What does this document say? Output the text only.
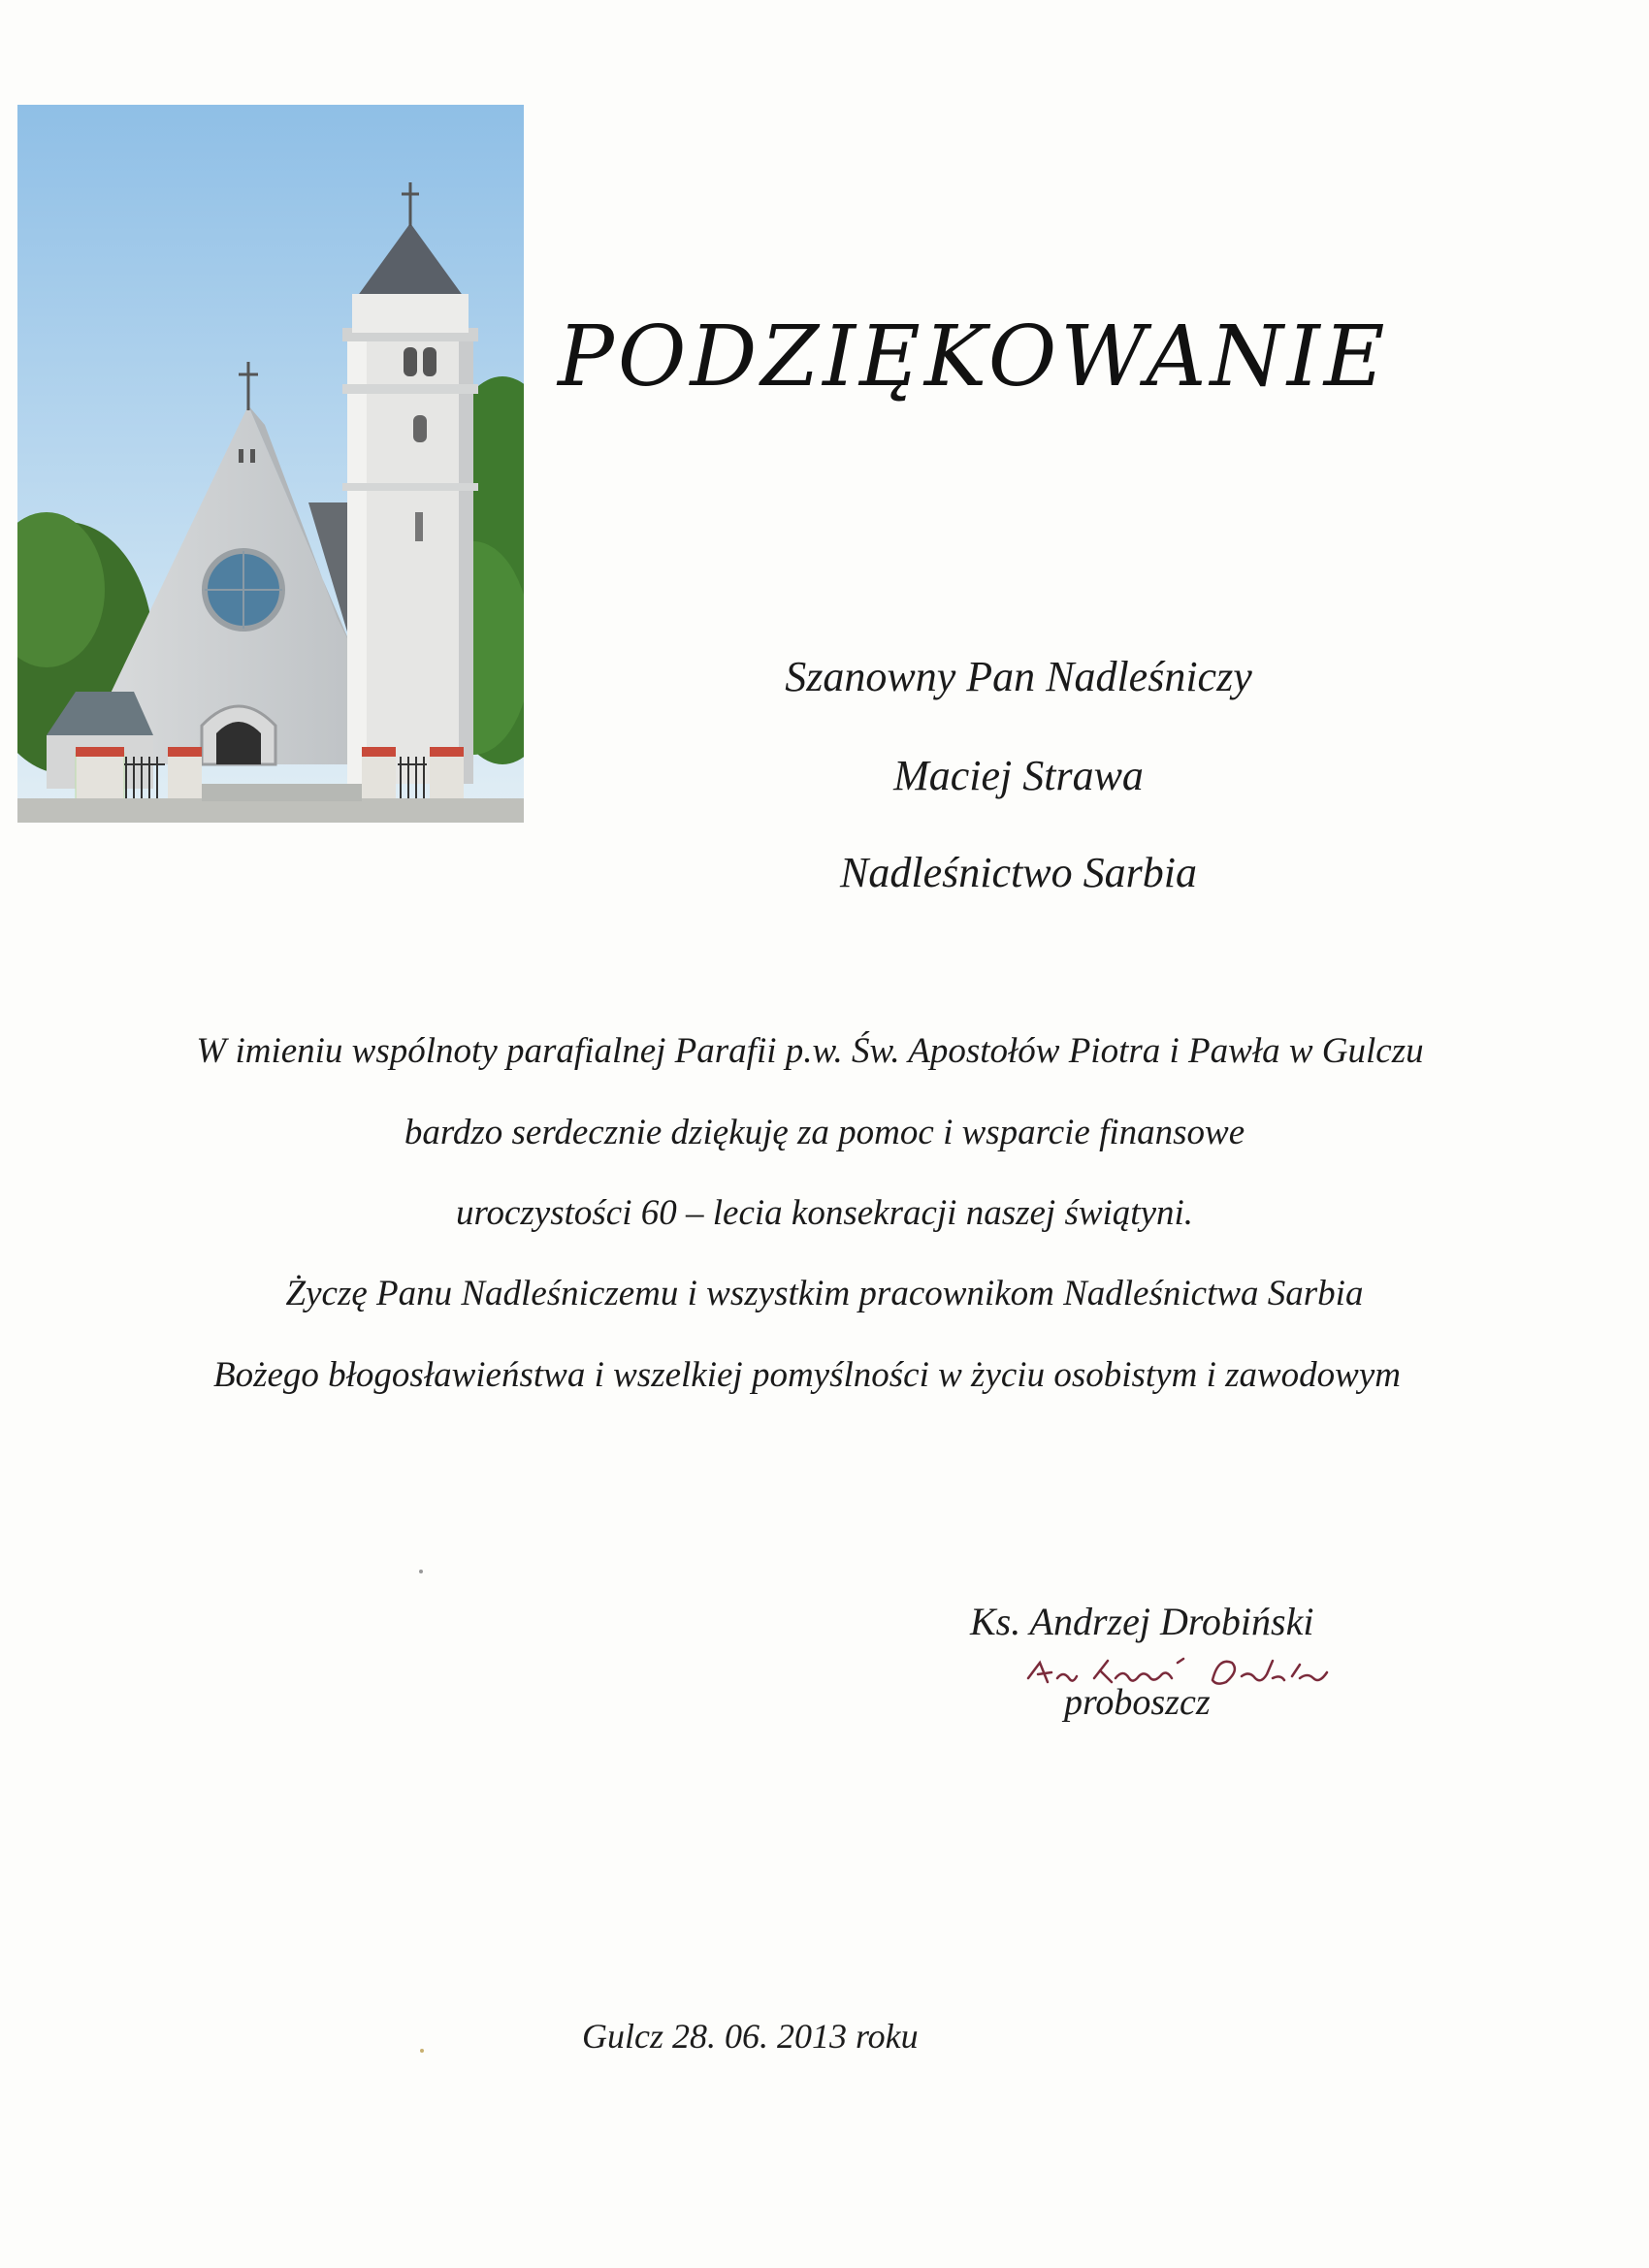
PODZIĘKOWANIE
Szanowny Pan Nadleśniczy
Maciej Strawa
Nadleśnictwo Sarbia
W imieniu wspólnoty parafialnej Parafii p.w. Św. Apostołów Piotra i Pawła w Gulczu
bardzo serdecznie dziękuję za pomoc i wsparcie finansowe
uroczystości 60 – lecia konsekracji naszej świątyni.
Życzę Panu Nadleśniczemu i wszystkim pracownikom Nadleśnictwa Sarbia
Bożego błogosławieństwa i wszelkiej pomyślności w życiu osobistym i zawodowym
Ks. Andrzej Drobiński
proboszcz
Gulcz 28. 06. 2013 roku
